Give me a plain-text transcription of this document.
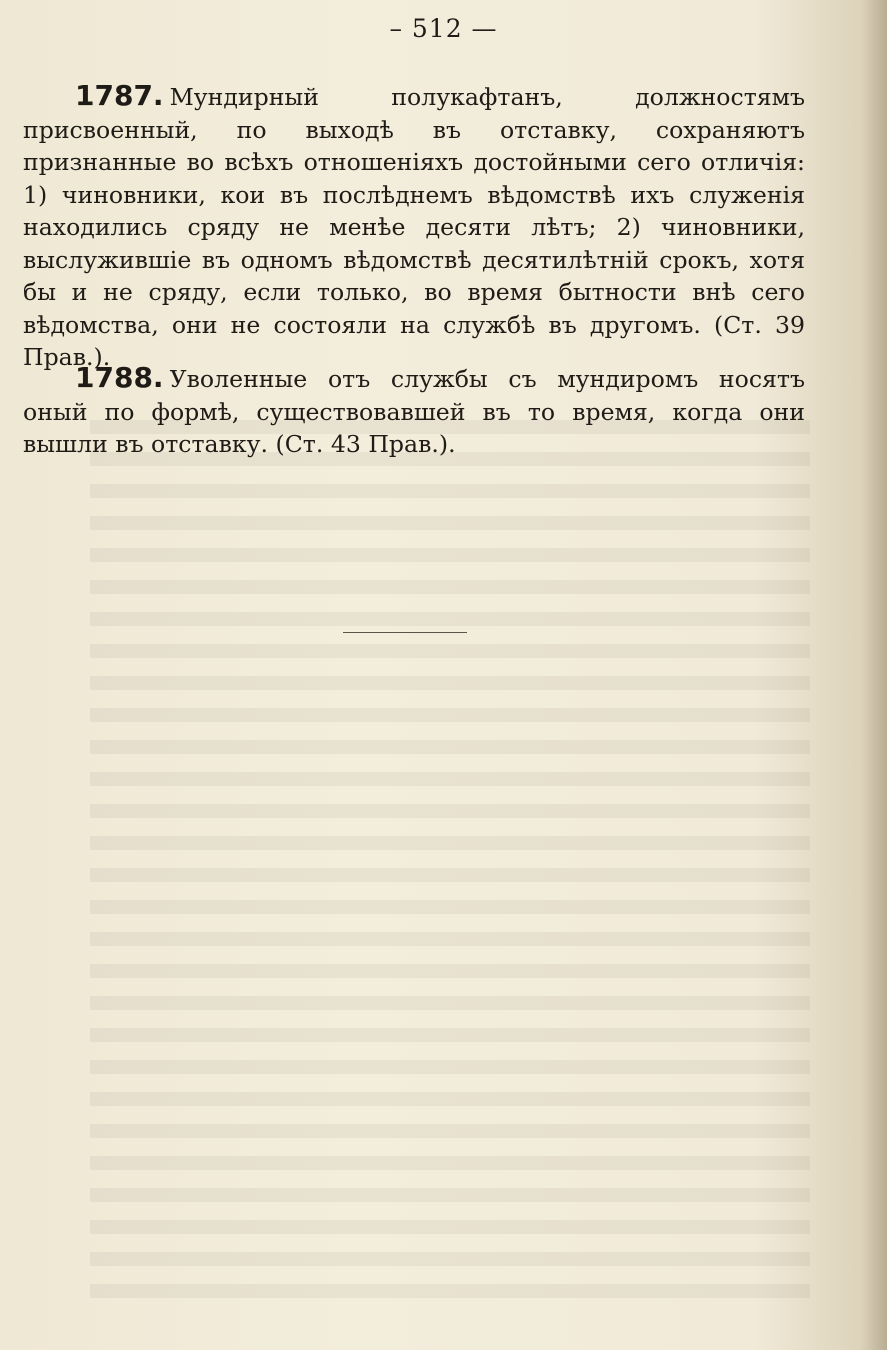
– 512 —
1787. Мундирный полукафтанъ, должностямъ присвоенный, по выходѣ въ отставку, сохраняютъ признанные во всѣхъ отношенiяхъ достойными сего отличiя: 1) чиновники, кои въ послѣднемъ вѣдомствѣ ихъ служенiя находились сряду не менѣе десяти лѣтъ; 2) чиновники, выслужившiе въ одномъ вѣдомствѣ десятилѣтнiй срокъ, хотя бы и не сряду, если только, во время бытности внѣ сего вѣдомства, они не состояли на службѣ въ другомъ. (Ст. 39 Прав.).
1788. Уволенные отъ службы съ мундиромъ носятъ оный по формѣ, существовавшей въ то время, когда они вышли въ отставку. (Ст. 43 Прав.).
